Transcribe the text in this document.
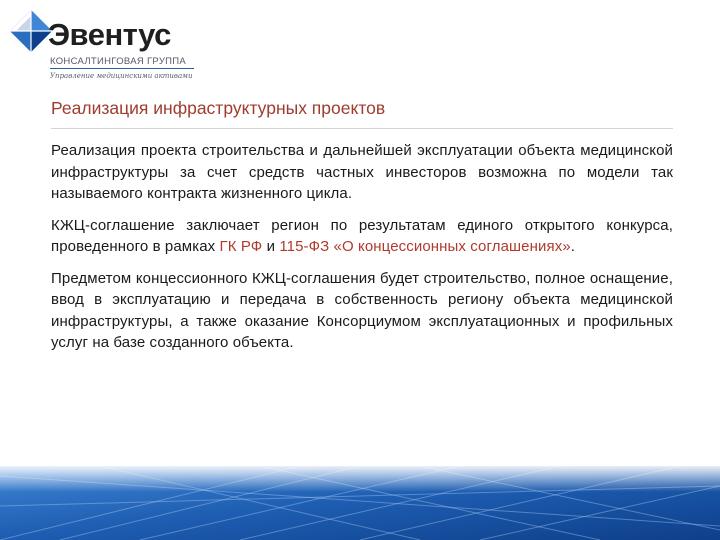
Эвентус
КОНСАЛТИНГОВАЯ ГРУППА
Управление медицинскими активами
Реализация инфраструктурных проектов

Реализация проекта строительства и дальнейшей эксплуатации объекта медицинской инфраструктуры за счет средств частных инвесторов возможна по модели так называемого контракта жизненного цикла.

КЖЦ-соглашение заключает регион по результатам единого открытого конкурса, проведенного в рамках ГК РФ и 115-ФЗ «О концессионных соглашениях».

Предметом концессионного КЖЦ-соглашения будет строительство, полное оснащение, ввод в эксплуатацию и передача в собственность региону объекта медицинской инфраструктуры, а также оказание Консорциумом эксплуатационных и профильных услуг на базе созданного объекта.
